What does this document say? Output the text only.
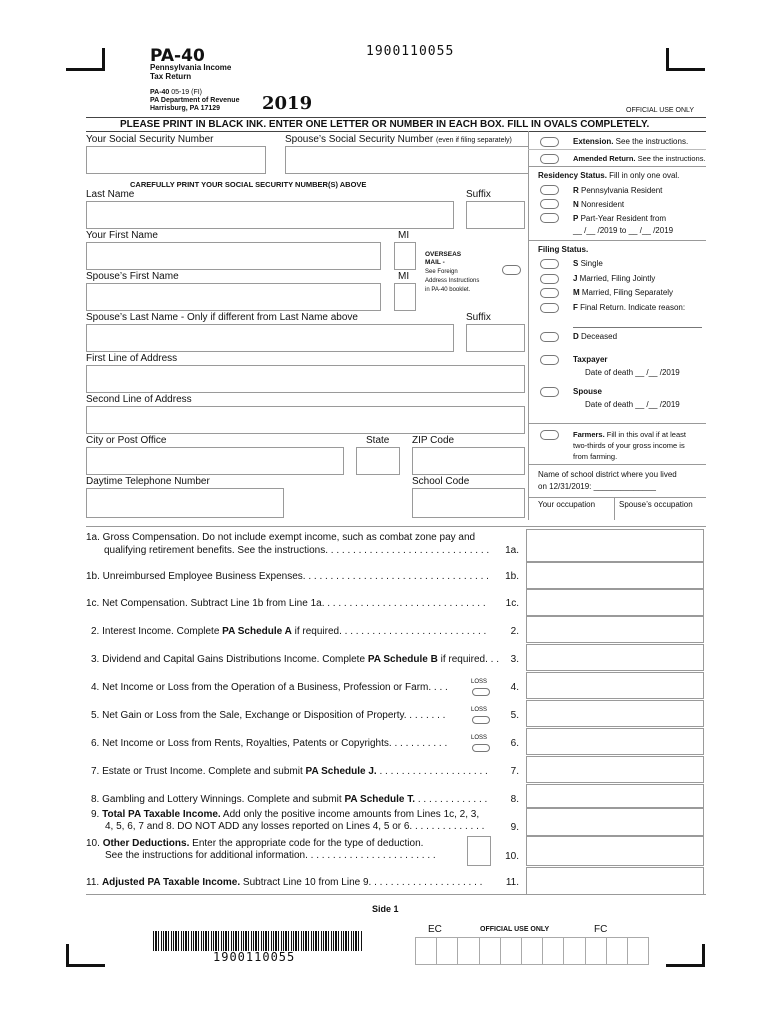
PA-40
Pennsylvania Income
Tax Return
1900110055
PA-40 05-19 (FI)
PA Department of Revenue
Harrisburg, PA 17129 2019	OFFICIAL USE ONLY
PLEASE PRINT IN BLACK INK. ENTER ONE LETTER OR NUMBER IN EACH BOX. FILL IN OVALS COMPLETELY.
Your Social Security Number	Spouse’s Social Security Number (even if filing separately)
CAREFULLY PRINT YOUR SOCIAL SECURITY NUMBER(S) ABOVE
Last Name	Suffix
Your First Name	MI
OVERSEAS
MAIL -
See Foreign
Address Instructions
in PA-40 booklet.
Spouse’s First Name	MI
Spouse’s Last Name - Only if different from Last Name above	Suffix
First Line of Address
Second Line of Address
City or Post Office	State ZIP Code
Daytime Telephone Number	School Code
Extension. See the instructions.
Amended Return. See the instructions.
Residency Status. Fill in only one oval.
R Pennsylvania Resident
N Nonresident
P Part-Year Resident from
__ /__ /2019 to __ /__ /2019
Filing Status.
S Single
J Married, Filing Jointly
M Married, Filing Separately
F Final Return. Indicate reason:
D Deceased
Taxpayer
Date of death __ /__ /2019
Spouse
Date of death __ /__ /2019
Farmers. Fill in this oval if at least
two-thirds of your gross income is
from farming.
Name of school district where you lived
on 12/31/2019: ______________
Your occupation	Spouse’s occupation
1a. Gross Compensation. Do not include exempt income, such as combat zone pay and
qualifying retirement benefits. See the instructions. . . . . . . . . . . . . . . . . . . . . . . . . . . . . .	1a.
1b. Unreimbursed Employee Business Expenses. . . . . . . . . . . . . . . . . . . . . . . . . . . . . . . . . .	1b.
1c. Net Compensation. Subtract Line 1b from Line 1a. . . . . . . . . . . . . . . . . . . . . . . . . . . . . .	1c.
2. Interest Income. Complete PA Schedule A if required. . . . . . . . . . . . . . . . . . . . . . . . . . .	2.
3. Dividend and Capital Gains Distributions Income. Complete PA Schedule B if required. . .	3.
4. Net Income or Loss from the Operation of a Business, Profession or Farm. . . .	LOSS	4.
5. Net Gain or Loss from the Sale, Exchange or Disposition of Property. . . . . . . .	LOSS	5.
6. Net Income or Loss from Rents, Royalties, Patents or Copyrights. . . . . . . . . . .	LOSS	6.
7. Estate or Trust Income. Complete and submit PA Schedule J. . . . . . . . . . . . . . . . . . . . .	7.
8. Gambling and Lottery Winnings. Complete and submit PA Schedule T. . . . . . . . . . . . . .	8.
9. Total PA Taxable Income. Add only the positive income amounts from Lines 1c, 2, 3,
4, 5, 6, 7 and 8. DO NOT ADD any losses reported on Lines 4, 5 or 6. . . . . . . . . . . . . .	9.
10. Other Deductions. Enter the appropriate code for the type of deduction.
See the instructions for additional information. . . . . . . . . . . . . . . . . . . . . . . .	10.
11. Adjusted PA Taxable Income. Subtract Line 10 from Line 9. . . . . . . . . . . . . . . . . . . . .	11.
Side 1
EC	OFFICIAL USE ONLY	FC
1900110055
